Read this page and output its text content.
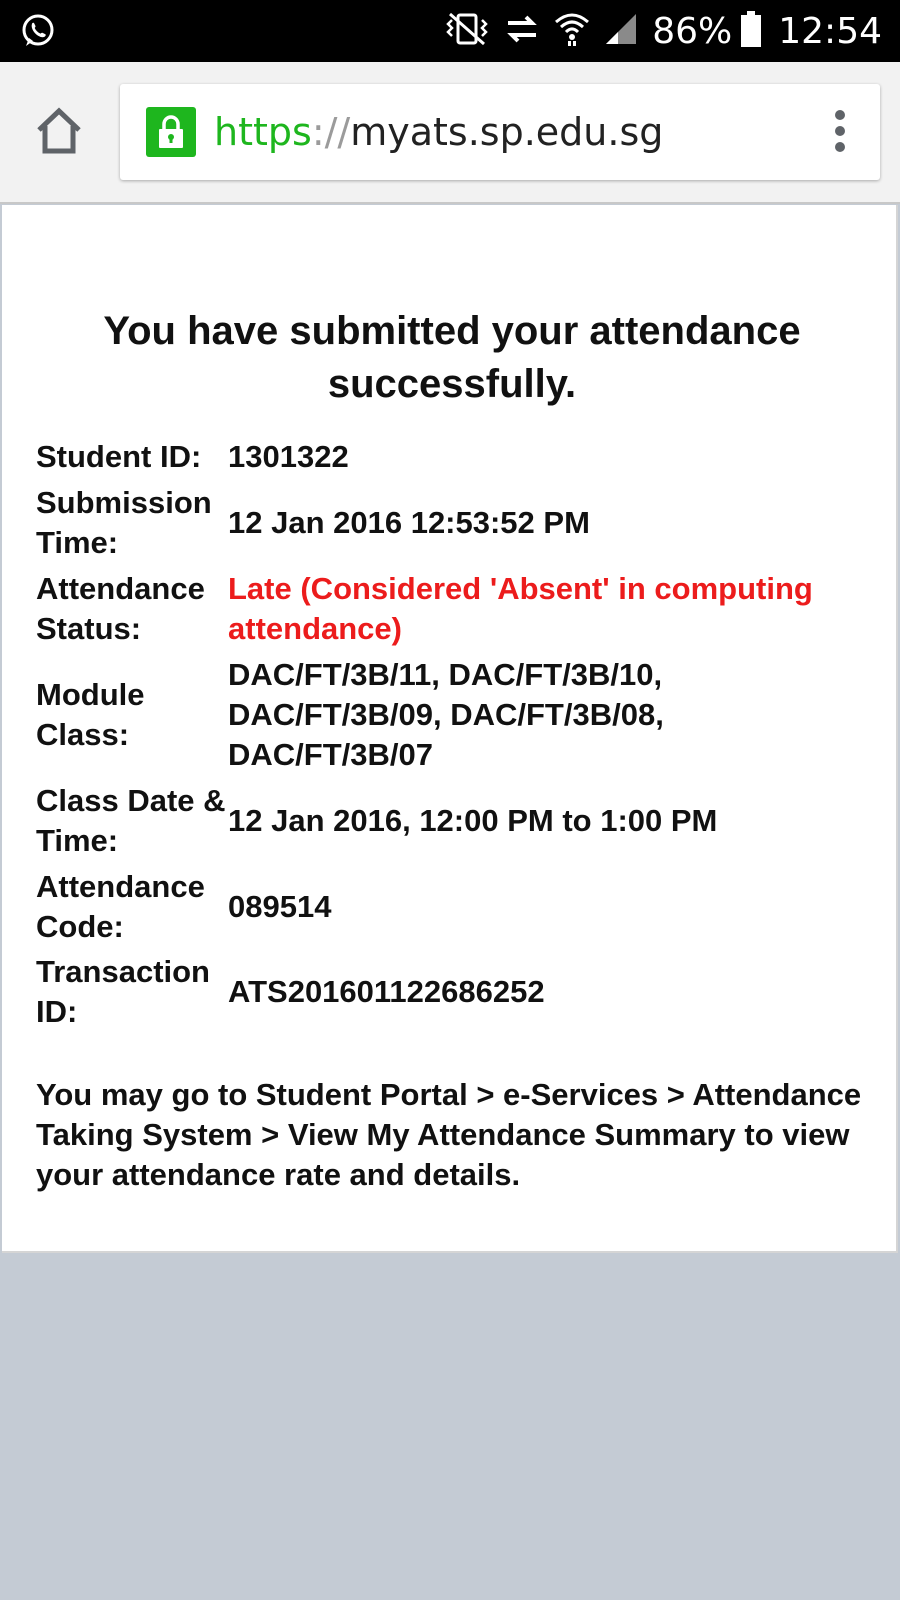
86% 12:54
https://myats.sp.edu.sg
You have submitted your attendance successfully.
Student ID: 1301322
Submission Time:
12 Jan 2016 12:53:52 PM
Attendance Status:
Late (Considered 'Absent' in computing attendance)
Module Class:
DAC/FT/3B/11, DAC/FT/3B/10, DAC/FT/3B/09, DAC/FT/3B/08, DAC/FT/3B/07
Class Date & Time:
12 Jan 2016, 12:00 PM to 1:00 PM
Attendance Code:
089514
Transaction ID:
ATS201601122686252
You may go to Student Portal > e-Services > Attendance Taking System > View My Attendance Summary to view your attendance rate and details.
